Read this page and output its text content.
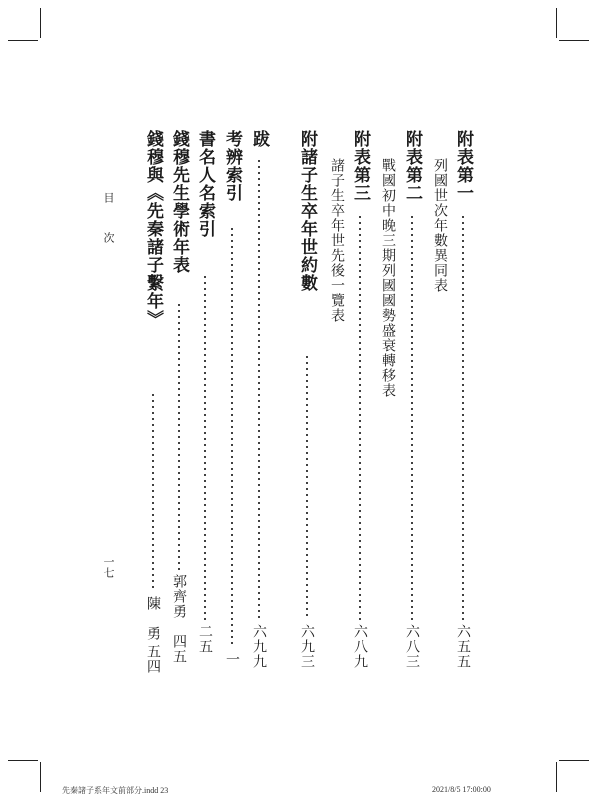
目
次
一七
附表第一
六五五
列國世次年數異同表
附表第二
六八三
戰國初中晚三期列國國勢盛衰轉移表
附表第三
六八九
諸子生卒年世先後一覽表
附諸子生卒年世約數
六九三
跋
六九九
考辨索引
一
書名人名索引
二五
錢穆先生學術年表
郭齊勇
四五
錢穆與《先秦諸子繫年》
陳　勇
五四
先秦諸子系年文前部分.indd 23	2021/8/5 17:00:00
